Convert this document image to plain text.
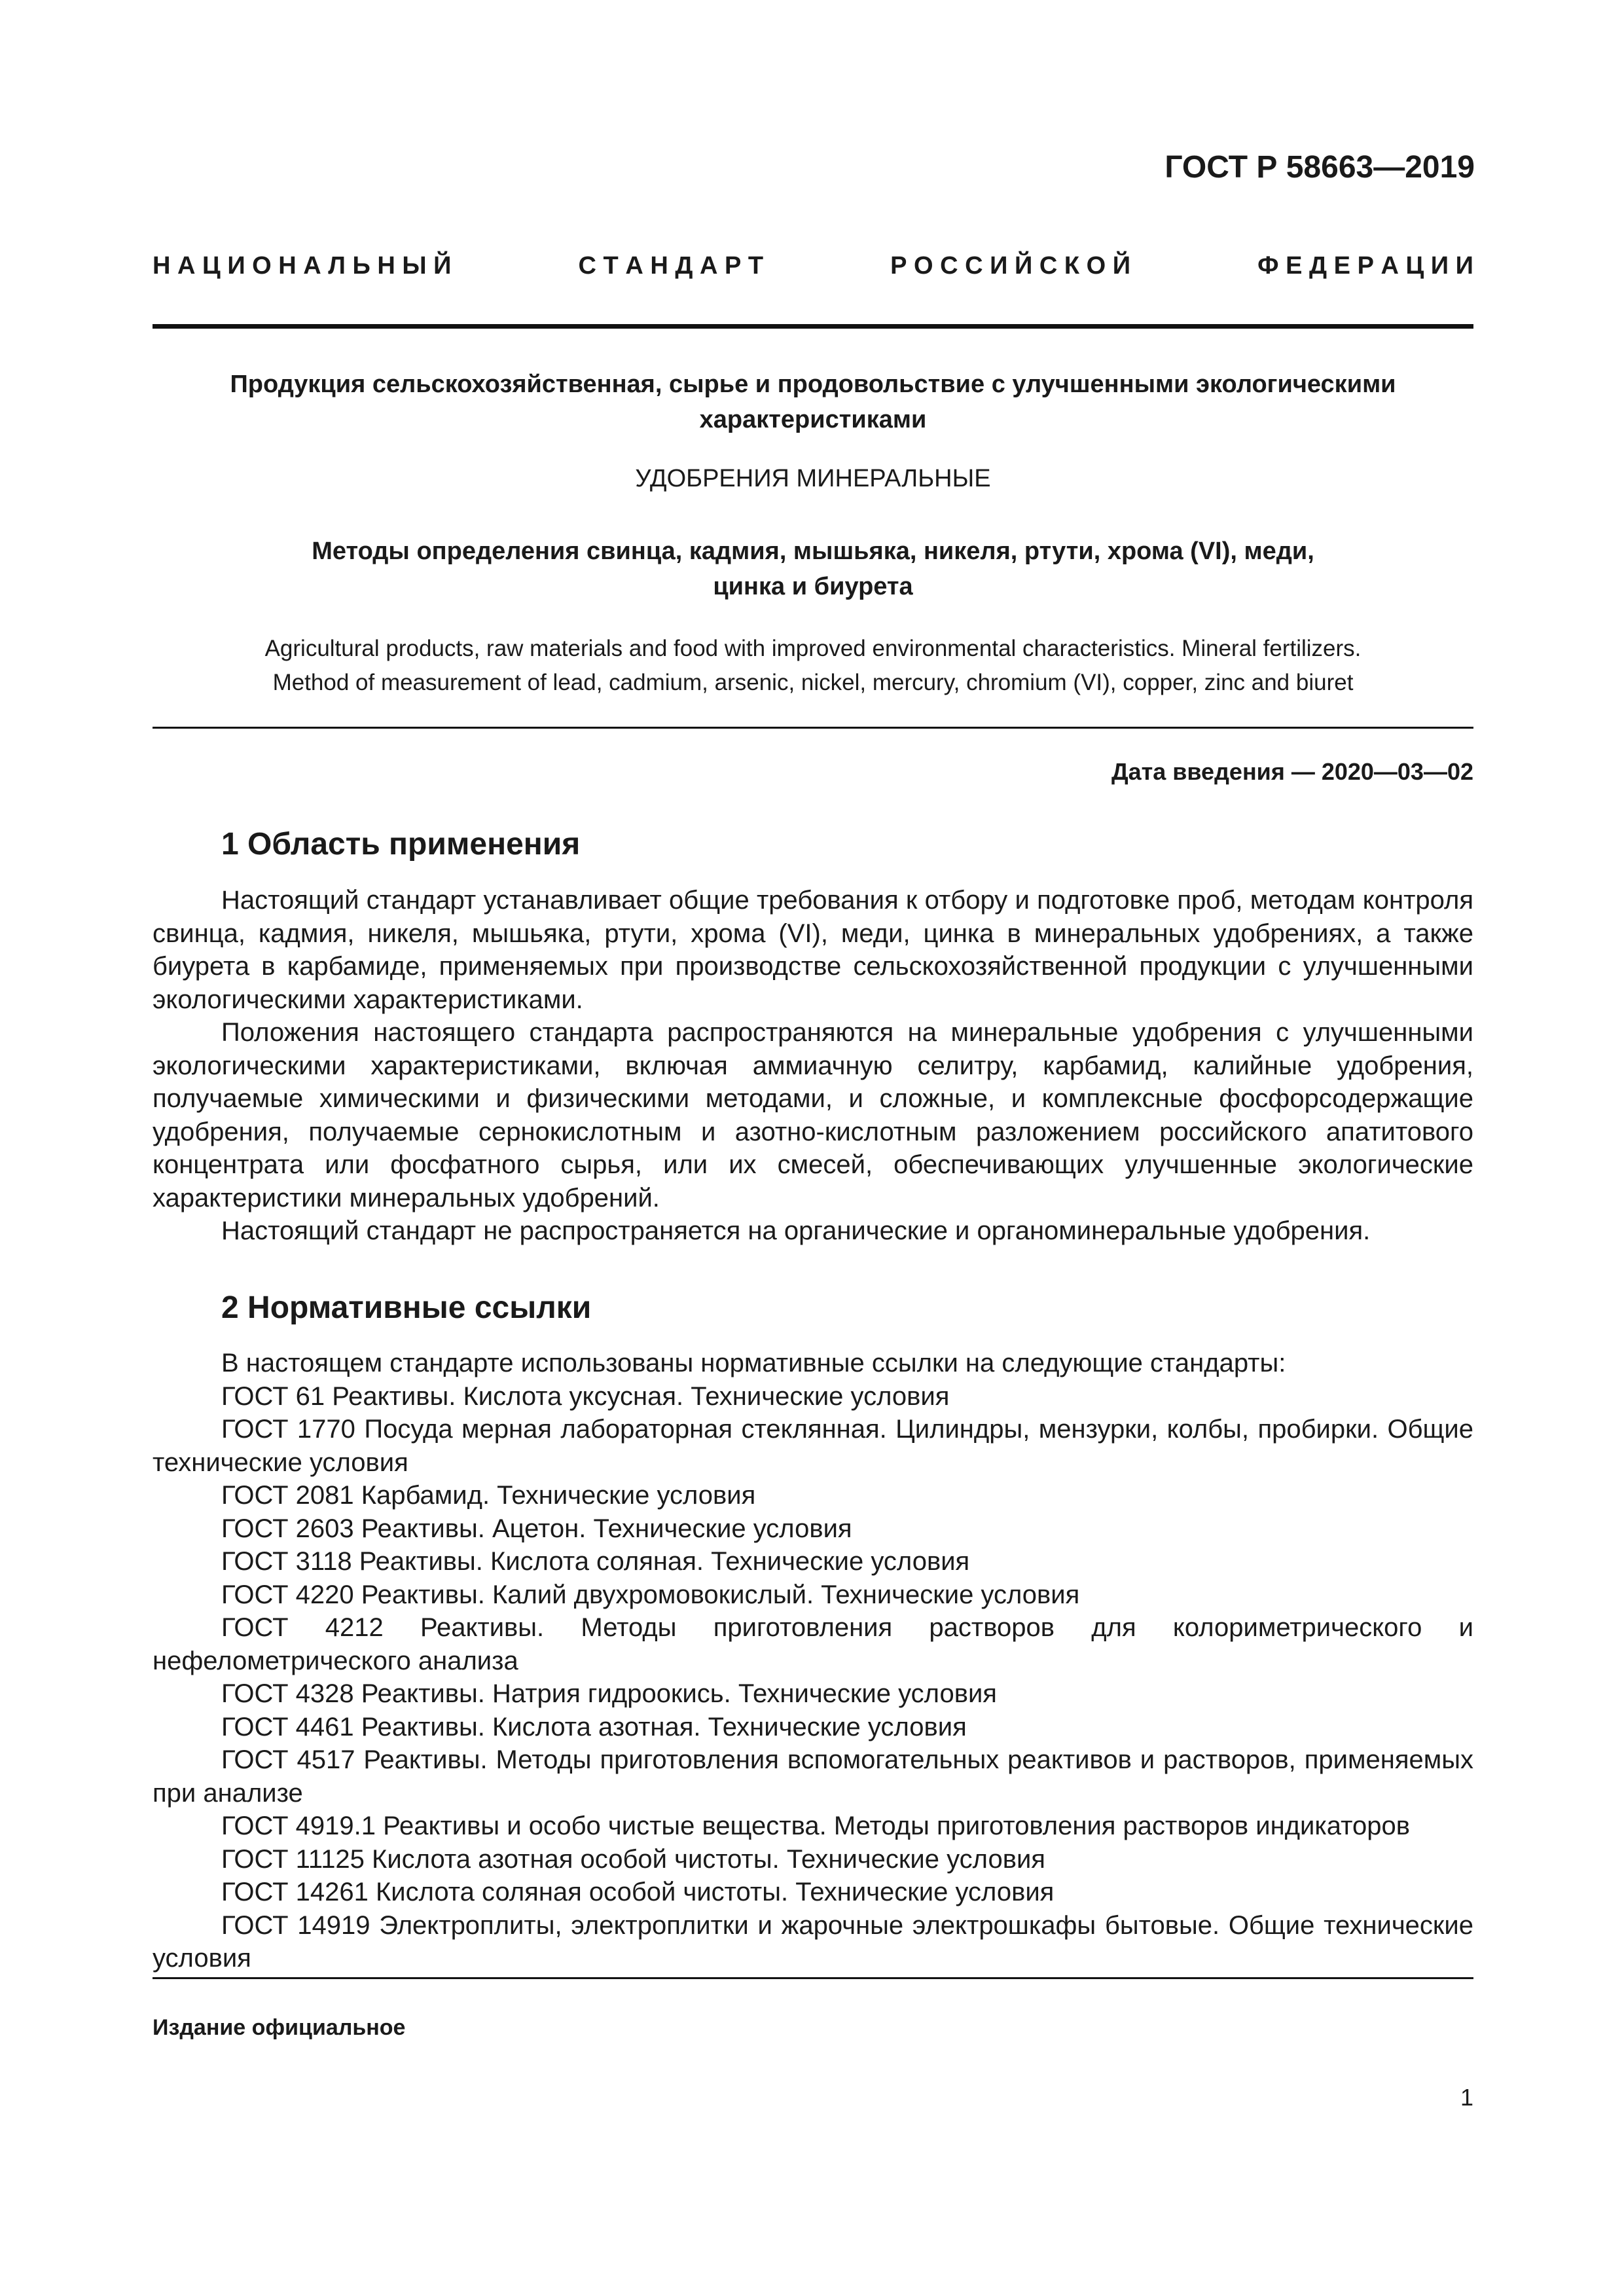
ГОСТ Р 58663—2019
Н А Ц И О Н А Л Ь Н Ы Й	С Т А Н Д А Р Т	Р О С С И Й С К О Й	Ф Е Д Е Р А Ц И И
Продукция сельскохозяйственная, сырье и продовольствие с улучшенными экологическими
характеристиками
УДОБРЕНИЯ МИНЕРАЛЬНЫЕ
Методы определения свинца, кадмия, мышьяка, никеля, ртути, хрома (VI), меди,
цинка и биурета
Agricultural products, raw materials and food with improved environmental characteristics. Mineral fertilizers.
Method of measurement of lead, cadmium, arsenic, nickel, mercury, chromium (VI), copper, zinc and biuret
Дата введения — 2020—03—02
1 Область применения

Настоящий стандарт устанавливает общие требования к отбору и подготовке проб, методам контроля свинца, кадмия, никеля, мышьяка, ртути, хрома (VI), меди, цинка в минеральных удобрениях, а также биурета в карбамиде, применяемых при производстве сельскохозяйственной продукции с улучшенными экологическими характеристиками.

Положения настоящего стандарта распространяются на минеральные удобрения с улучшенными экологическими характеристиками, включая аммиачную селитру, карбамид, калийные удобрения, получаемые химическими и физическими методами, и сложные, и комплексные фосфорсодержащие удобрения, получаемые сернокислотным и азотно-кислотным разложением российского апатитового концентрата или фосфатного сырья, или их смесей, обеспечивающих улучшенные экологические характеристики минеральных удобрений.

Настоящий стандарт не распространяется на органические и органоминеральные удобрения.

2 Нормативные ссылки

В настоящем стандарте использованы нормативные ссылки на следующие стандарты:

ГОСТ 61 Реактивы. Кислота уксусная. Технические условия

ГОСТ 1770 Посуда мерная лабораторная стеклянная. Цилиндры, мензурки, колбы, пробирки. Общие технические условия

ГОСТ 2081 Карбамид. Технические условия

ГОСТ 2603 Реактивы. Ацетон. Технические условия

ГОСТ 3118 Реактивы. Кислота соляная. Технические условия

ГОСТ 4220 Реактивы. Калий двухромовокислый. Технические условия

ГОСТ 4212 Реактивы. Методы приготовления растворов для колориметрического и нефелометрического анализа

ГОСТ 4328 Реактивы. Натрия гидроокись. Технические условия

ГОСТ 4461 Реактивы. Кислота азотная. Технические условия

ГОСТ 4517 Реактивы. Методы приготовления вспомогательных реактивов и растворов, применяемых при анализе

ГОСТ 4919.1 Реактивы и особо чистые вещества. Методы приготовления растворов индикаторов

ГОСТ 11125 Кислота азотная особой чистоты. Технические условия

ГОСТ 14261 Кислота соляная особой чистоты. Технические условия

ГОСТ 14919 Электроплиты, электроплитки и жарочные электрошкафы бытовые. Общие технические условия

Издание официальное
1
